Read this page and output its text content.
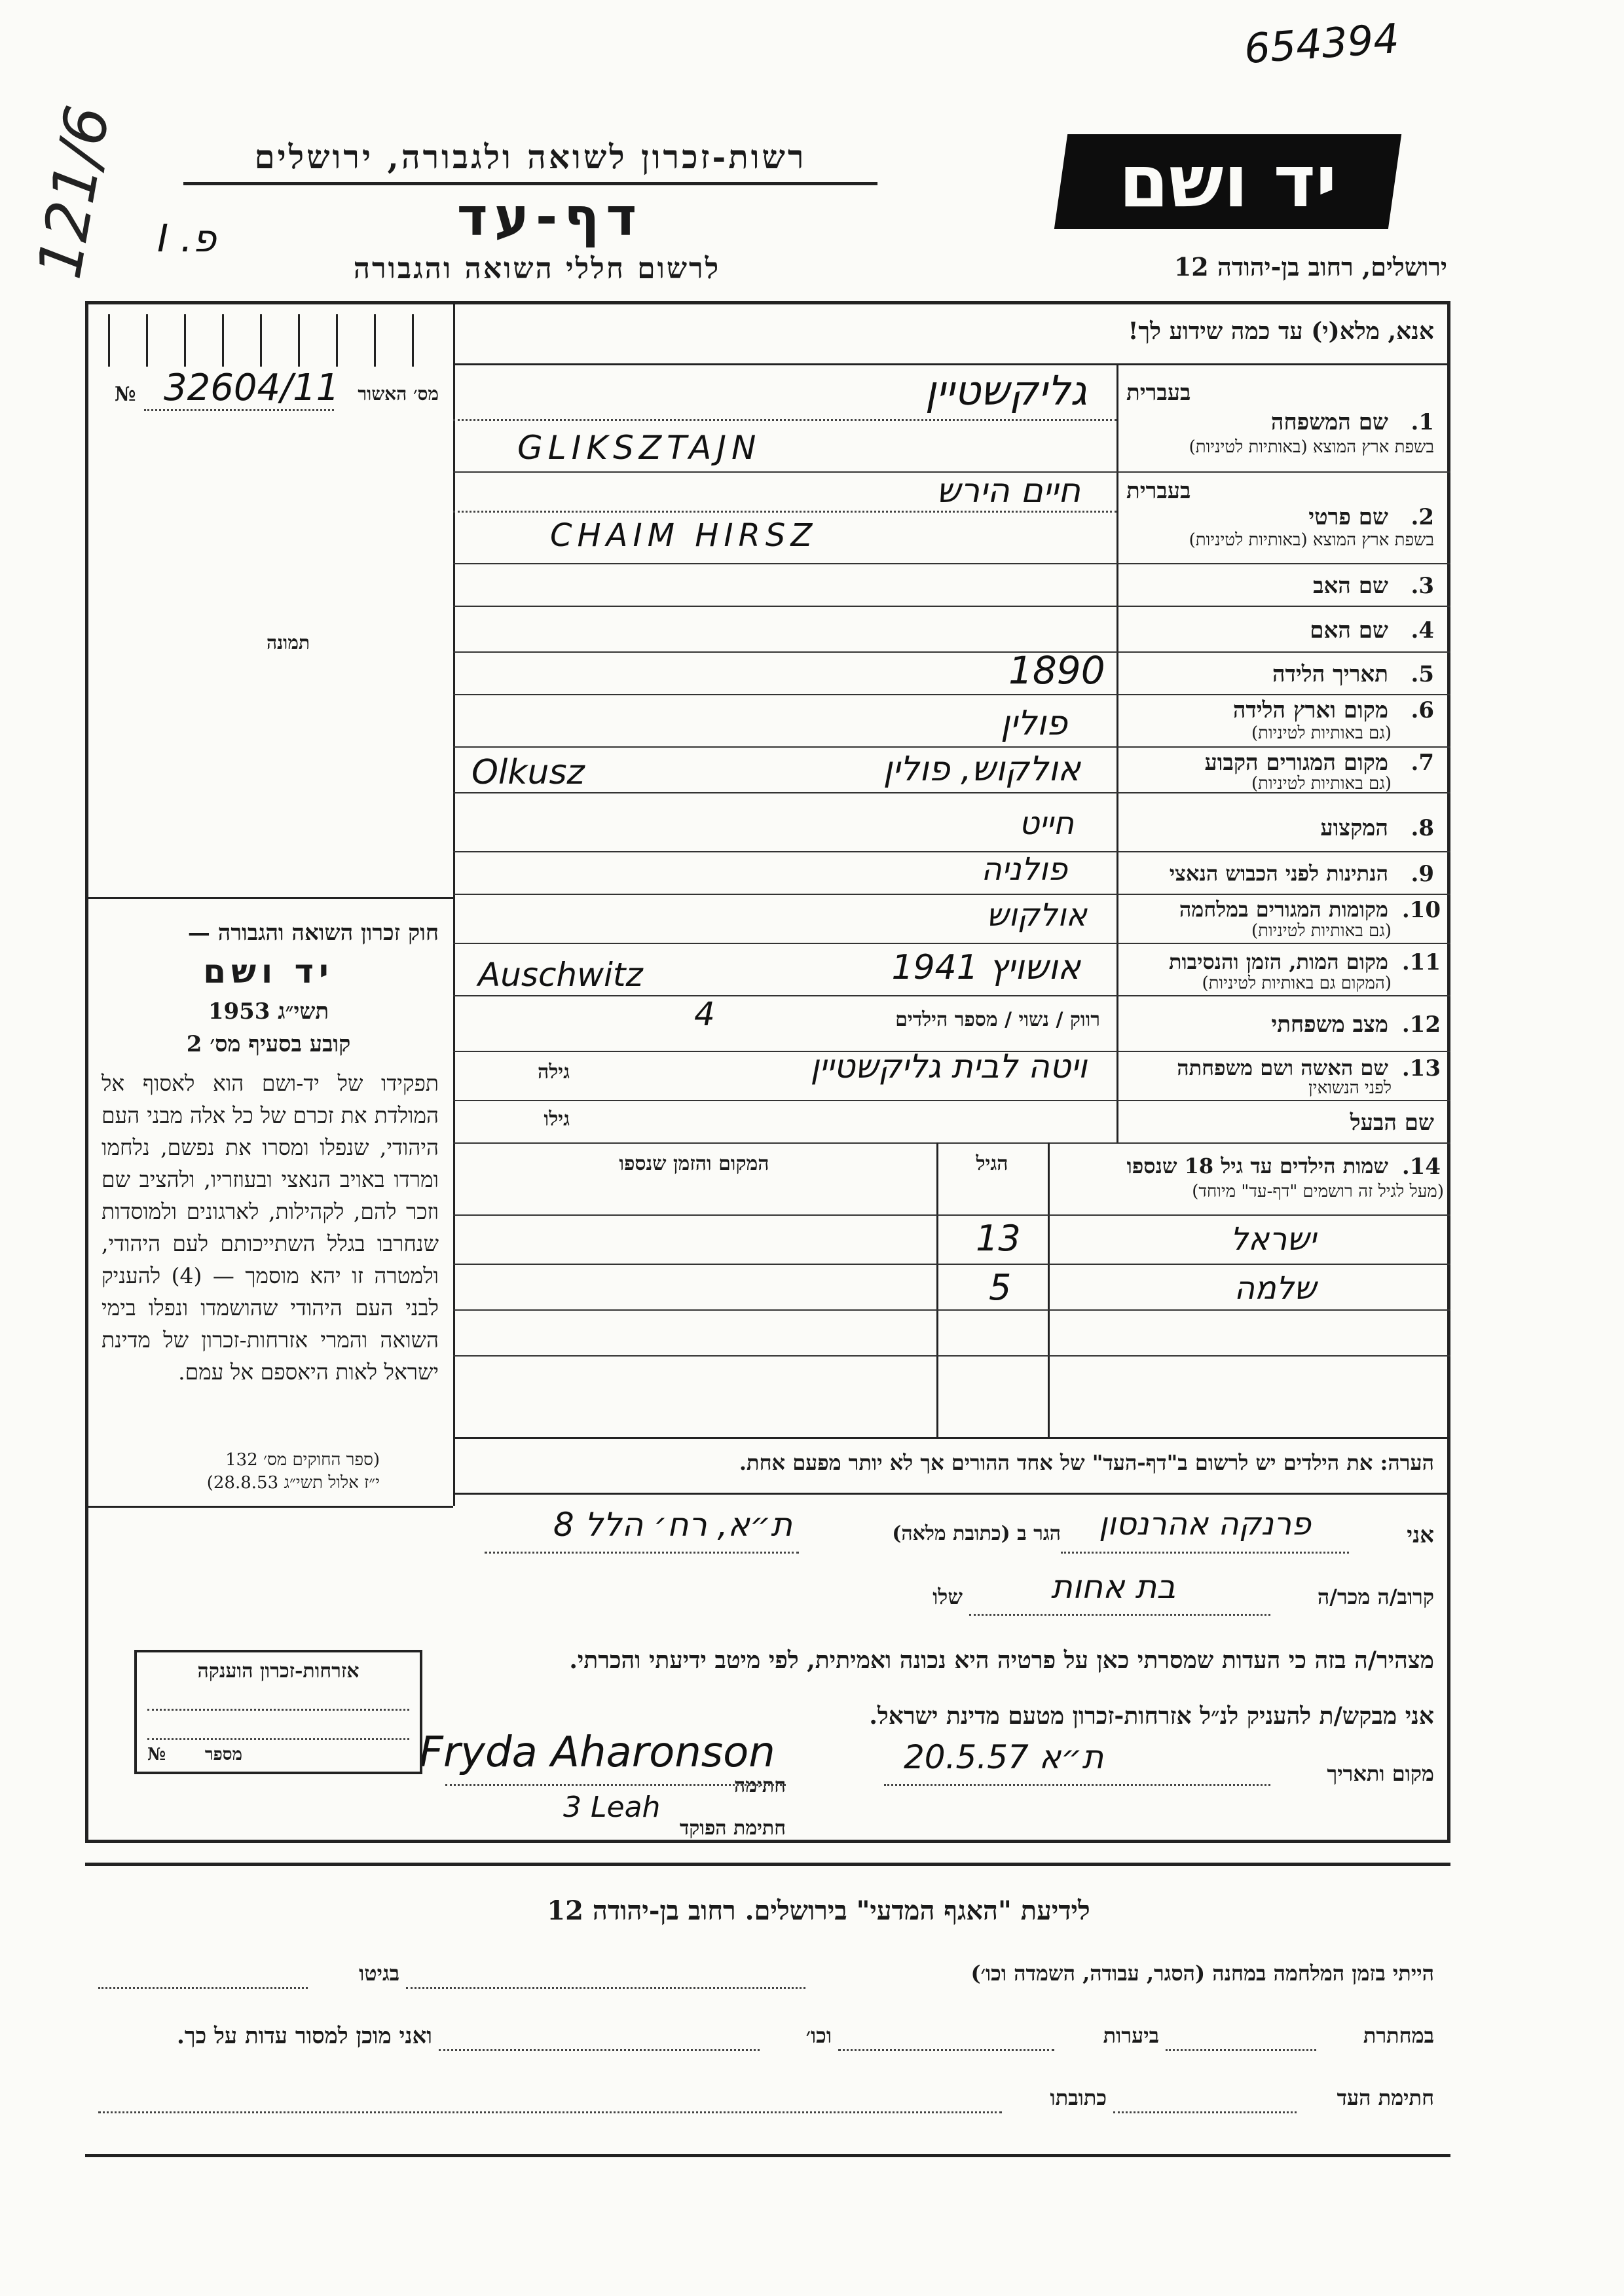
654394
121/6 פ. I
יד ושם
רשות-זכרון לשואה ולגבורה, ירושלים
דף-עד
לרשום חללי השואה והגבורה	ירושלים, רחוב בן-יהודה 12
אנא, מלא(י) עד כמה שידוע לך!
מס׳ האשור
№ 32604/11
תמונה
בעברית
1.
שם המשפחה
בשפת ארץ המוצא (באותיות לטיניות)
גליקשטיין
GLIKSZTAJN
בעברית
2.
שם פרטי
בשפת ארץ המוצא (באותיות לטיניות)
חיים הירש
CHAIM HIRSZ
3.
שם האב
4.
שם האם
5.
תאריך הלידה
1890
6.
מקום וארץ הלידה
(גם באותיות לטיניות)
פולין
7.
מקום המגורים הקבוע
(גם באותיות לטיניות)
אולקוש, פולין
Olkusz
8.
המקצוע
חייט
9.
הנתינות לפני הכבוש הנאצי
פולניה
10.
מקומות המגורים במלחמה
(גם באותיות לטיניות)
אולקוש
11.
מקום המות, הזמן והנסיבות
(המקום גם באותיות לטיניות)
אושויץ 1941
Auschwitz
12.
מצב משפחתי
רווק / נשוי / מספר הילדים
4
13.
שם האשה ושם משפחתה
לפני הנשואין
גילה	ויטה לבית גליקשטיין
שם הבעל
גילו
14.
שמות הילדים עד גיל 18 שנספו
(מעל לגיל זה רושמים "דף-עד" מיוחד)
הגיל
המקום והזמן שנספו
ישראל
13
שלמה
5
הערה: את הילדים יש לרשום ב"דף-העד" של אחד ההורים אך לא יותר מפעם אחת.
חוק זכרון השואה והגבורה —
יד ושם
תשי״ג 1953
קובע בסעיף מס׳ 2
תפקידו של יד-ושם הוא לאסוף אל המולדת את זכרם של כל אלה מבני העם היהודי, שנפלו ומסרו את נפשם, נלחמו ומרדו באויב הנאצי ובעוזריו, ולהציב שם וזכר להם, לקהילות, לארגונים ולמוסדות שנחרבו בגלל השתייכותם לעם היהודי, ולמטרה זו יהא מוסמך — (4) להעניק לבני העם היהודי שהושמדו ונפלו בימי השואה והמרי אזרחות-זכרון של מדינת ישראל לאות היאספם אל עמם.
(ספר החוקים מס׳ 132
י״ז אלול תשי״ג 28.8.53)
אני
פרנקה אהרנסון
הגר ב (כתובת מלאה)
ת״א, רח׳ הלל 8
קרוב/ה מכר/ה
בת אחות
שלו
מצהיר/ה בזה כי העדות שמסרתי כאן על פרטיה היא נכונה ואמיתית, לפי מיטב ידיעתי והכרתי.
אני מבקש/ת להעניק לנ״ל אזרחות-זכרון מטעם מדינת ישראל.
מקום ותאריך
ת״א 20.5.57
Fryda Aharonson
חתימה
3 Leah
חתימת הפוקד
אזרחות-זכרון הוענקה
מספר
№
לידיעת "האגף המדעי" בירושלים. רחוב בן-יהודה 12
הייתי בזמן המלחמה במחנה (הסגר, עבודה, השמדה וכו׳)
בגיטו
במחתרת
ביערות
וכו׳
ואני מוכן למסור עדות על כך.
חתימת העד
כתובתו
